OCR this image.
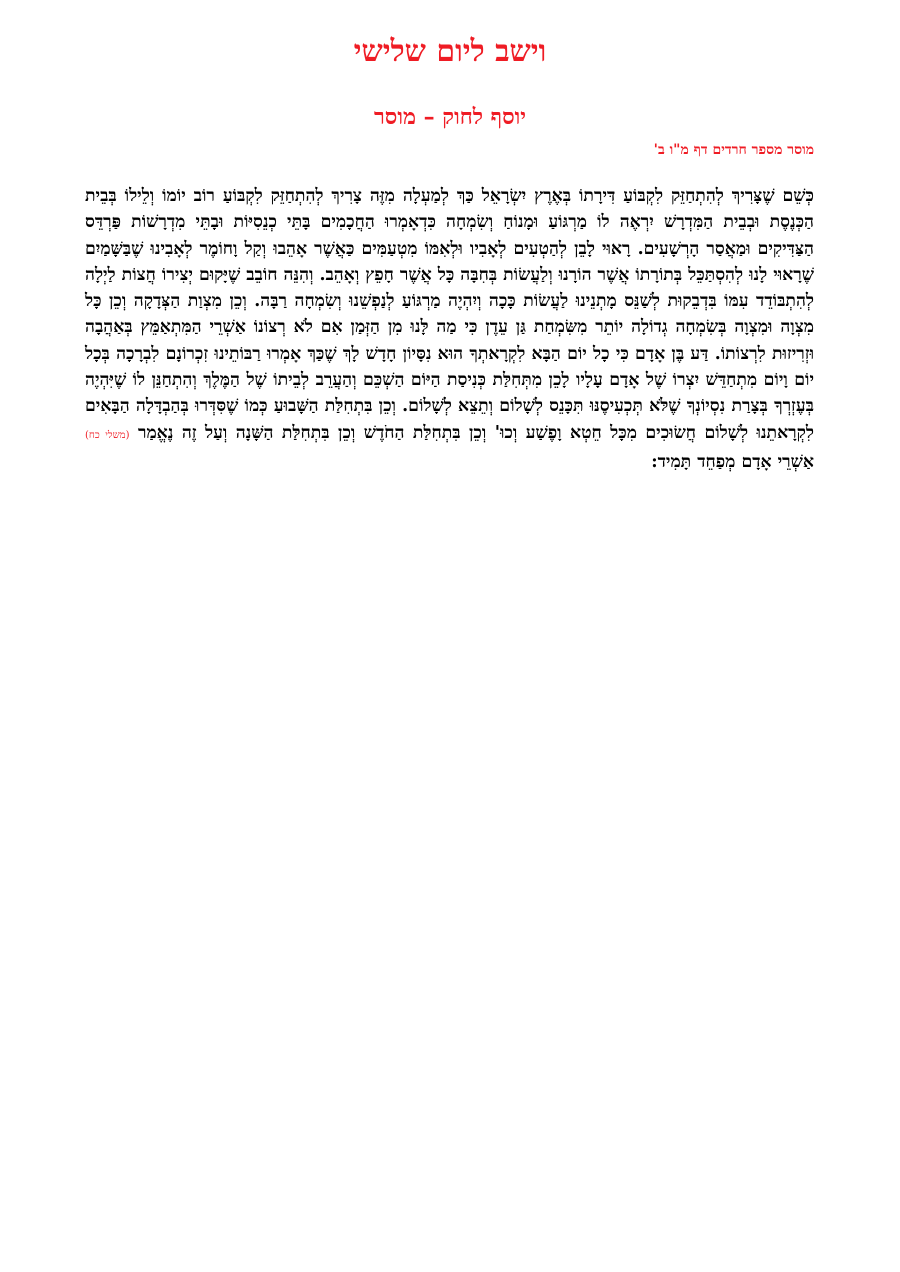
וישב ליום שלישי
יוסף לחוק – מוסר
מוסר מספר חרדים דף מ"ו ב'

כְּשֵׁם שֶׁצָּרִיךְ לְהִתְחַזֵּק לִקְבּוֹעַ דִּירָתוֹ בְּאֶרֶץ יִשְׂרָאֵל כַּךְ לְמַעְלָה מִזֶּה צָרִיךְ לְהִתְחַזֵּק לִקְבּוֹעַ רוֹב יוֹמוֹ וְלֵילוֹ בְּבֵית הַכְּנֶסֶת וּבְבֵית הַמִּדְרָשׁ יִרְאֶה לוֹ מַרְגּוֹעַ וּמָנוֹחַ וְשִׂמְחָה כִּדְאָמְרוּ הַחֲכָמִים בָּתֵּי כְנֵסִיּוֹת וּבָתֵּי מִדְרָשׁוֹת פַּרְדֵּס הַצַּדִּיקִים וּמַאֲסַר הָרְשָׁעִים. רָאוּי לָבֵן לְהַטְעִים לְאָבִיו וּלְאִמּוֹ מִטְעַמִּים כַּאֲשֶׁר אָהֵבוּ וְקַל וָחוֹמֶר לְאָבִינוּ שֶׁבַּשָּׁמַיִם שֶׁרָאוּי לָנוּ לְהִסְתַּכֵּל בְּתוֹרָתוֹ אֲשֶׁר הוֹרָנוּ וְלַעֲשׂוֹת בְּחִבָּה כָּל אֲשֶׁר חָפֵץ וְאָהֵב. וְהִנֵּה חוֹבֵב שֶׁיָּקוּם יְצִירוֹ חֲצוֹת לַיְלָה לְהִתְבּוֹדֵד עִמּוֹ בִּדְבֵקוּת לְשַׁנֵּס מָתְנֵינוּ לַעֲשׂוֹת כָּכָה וְיִהְיֶה מַרְגּוֹעַ לְנַפְשֵׁנוּ וְשִׂמְחָה רַבָּה. וְכֵן מִצְוַת הַצְּדָקָה וְכֵן כָּל מִצְוָה וּמִצְוָה בְּשִׂמְחָה גְדוֹלָה יוֹתֵר מִשִּׂמְחַת גַּן עֵדֶן כִּי מַה לָּנוּ מִן הַזְּמַן אִם לֹא רְצוֹנוֹ אַשְׁרֵי הַמִּתְאַמֵּץ בְּאַהֲבָה וּזְרִיזוּת לִרְצוֹתוֹ. דַּע בֶּן אָדָם כִּי כָל יוֹם הַבָּא לִקְרָאתְךָ הוּא נִסָּיוֹן חָדָשׁ לָךְ שֶׁכַּךְ אָמְרוּ רַבּוֹתֵינוּ זִכְרוֹנָם לִבְרָכָה בְּכָל יוֹם וָיוֹם מִתְחַדֵּשׁ יִצְרוֹ שֶׁל אָדָם עָלָיו לָכֵן מִתְּחִלַּת כְּנִיסַת הַיּוֹם הַשְׁכֵּם וְהַעֲרֵב לְבֵיתוֹ שֶׁל הַמֶּלֶךְ וְהִתְחַנֵּן לוֹ שֶׁיִּהְיֶה בְּעֶזְרְךָ בְּצָרַת נִסְיוֹנְךָ שֶׁלֹּא תְּכְעִיסֶנּוּ תִּכָּנֵס לְשָׁלוֹם וְתֵצֵא לְשָׁלוֹם. וְכֵן בִּתְחִלַּת הַשָּׁבוּעַ כְּמוֹ שֶׁסִּדְּרוּ בְּהַבְדָּלָה הַבָּאִים לִקְרָאתֵנוּ לְשָׁלוֹם חֲשׂוּכִים מִכָּל חֵטְא וָפֶשַׁע וְכוּ' וְכֵן בִּתְחִלַּת הַחֹדֶשׁ וְכֵן בִּתְחִלַּת הַשָּׁנָה וְעַל זֶה נֶאֱמַר (משלי כח) אַשְׁרֵי אָדָם מְפַחֵד תָּמִיד:
